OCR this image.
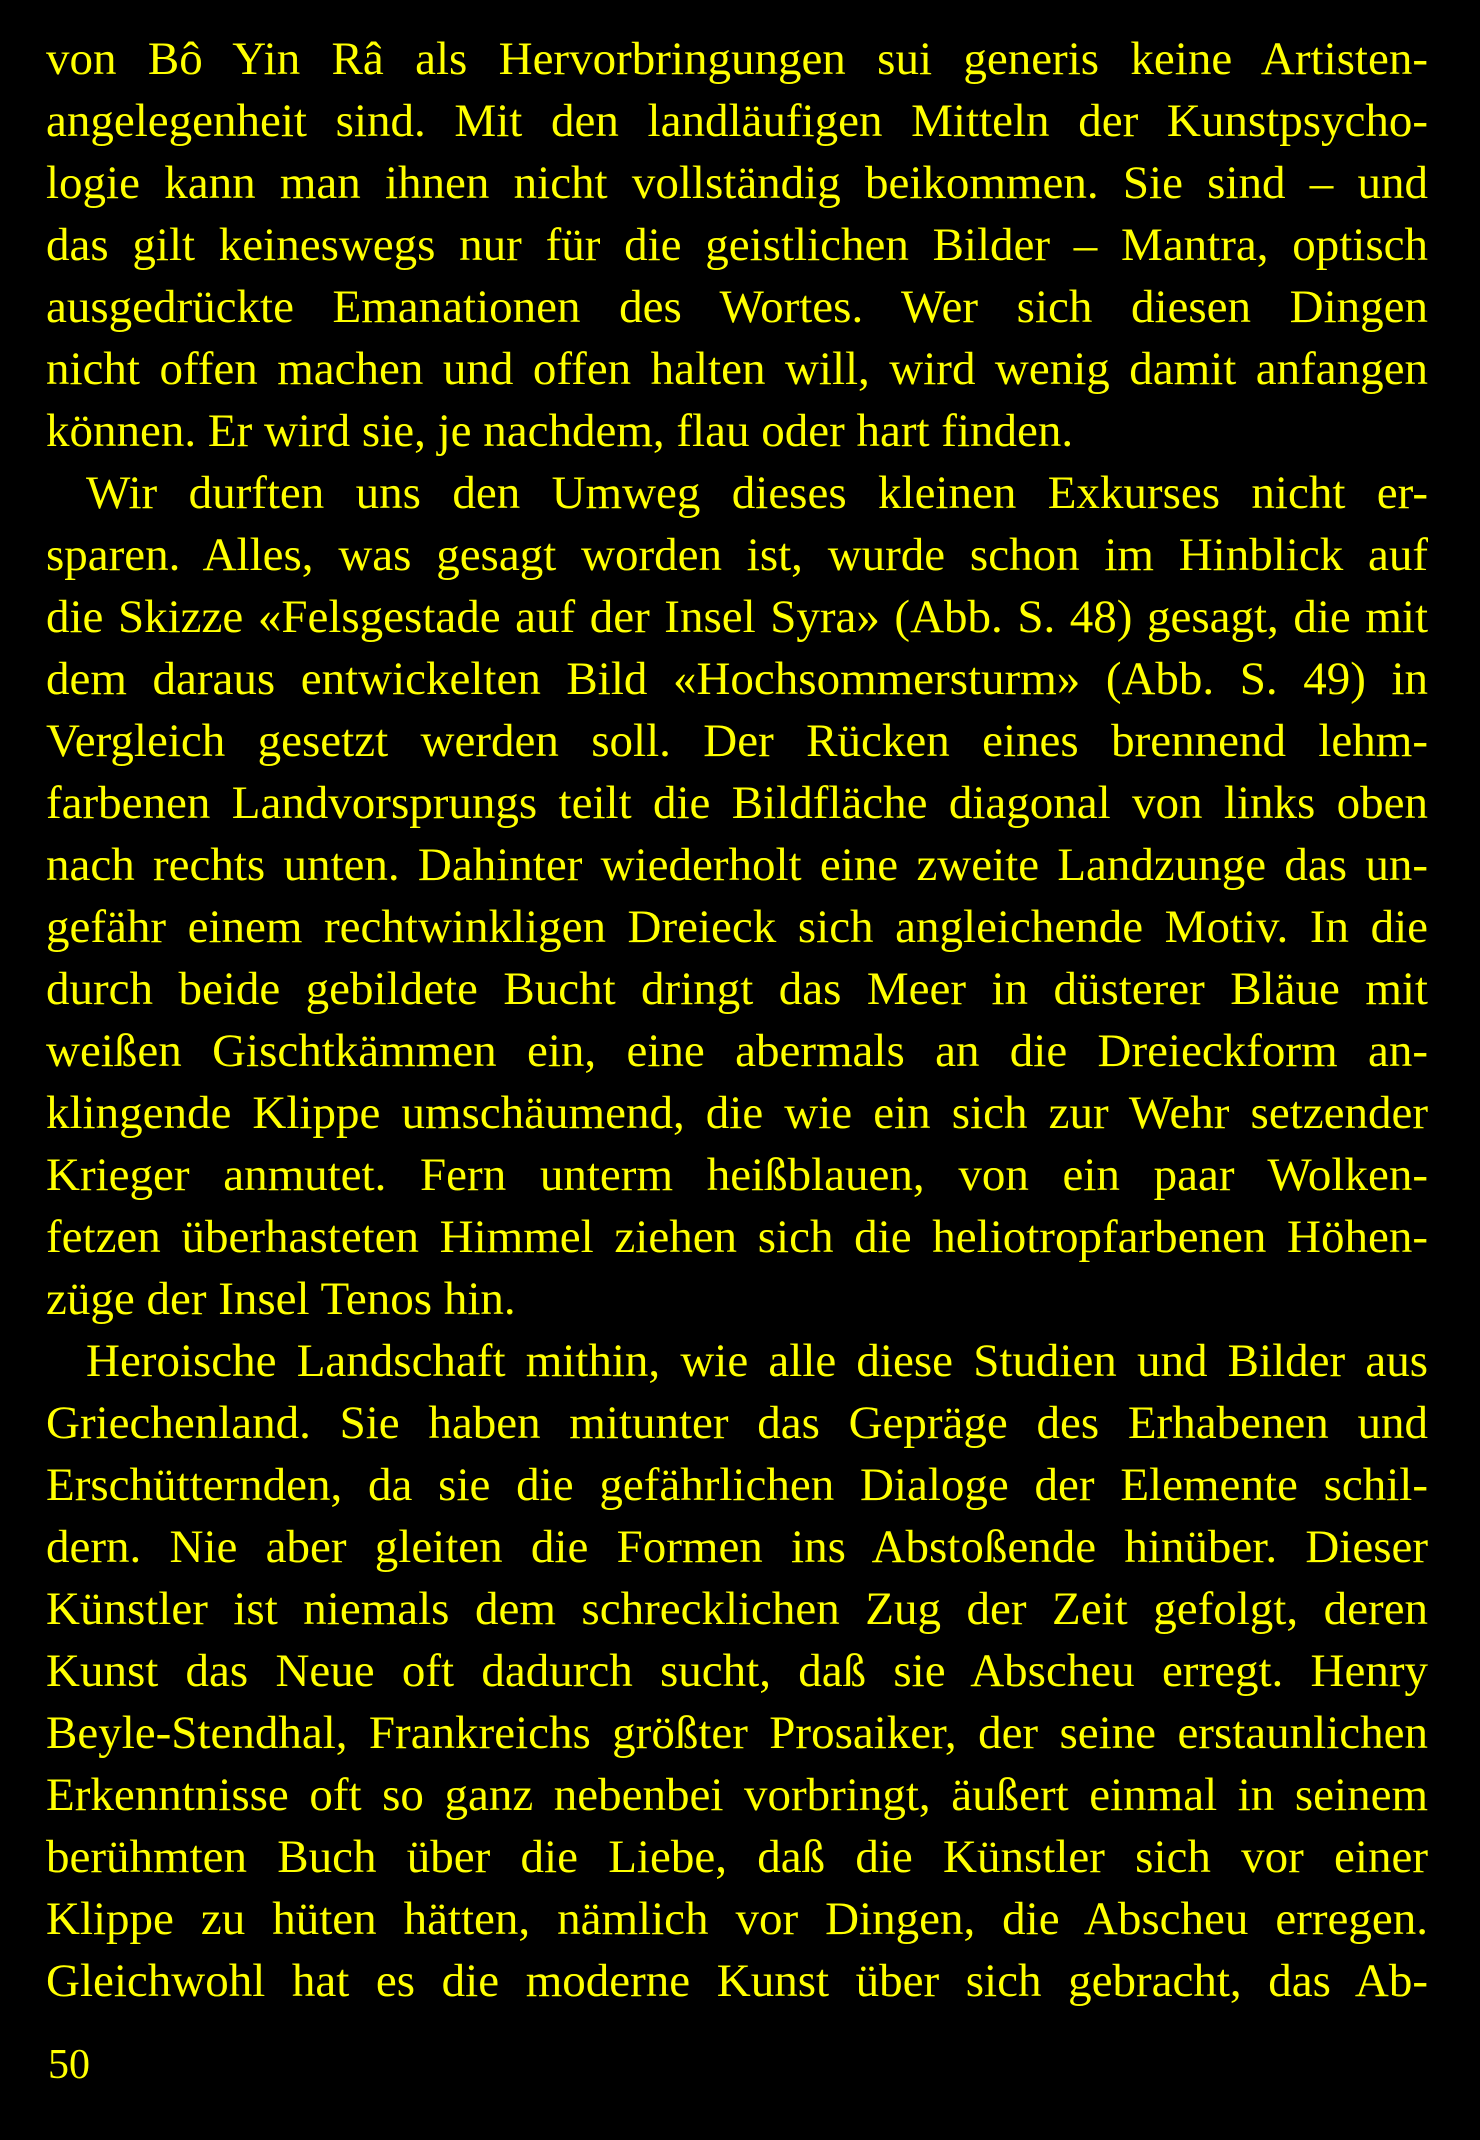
von Bô Yin Râ als Hervorbringungen sui generis keine Artisten-
angelegenheit sind. Mit den landläufigen Mitteln der Kunstpsycho-
logie kann man ihnen nicht vollständig beikommen. Sie sind – und
das gilt keineswegs nur für die geistlichen Bilder – Mantra, optisch
ausgedrückte Emanationen des Wortes. Wer sich diesen Dingen
nicht offen machen und offen halten will, wird wenig damit anfangen
können. Er wird sie, je nachdem, flau oder hart finden.
Wir durften uns den Umweg dieses kleinen Exkurses nicht er-
sparen. Alles, was gesagt worden ist, wurde schon im Hinblick auf
die Skizze «Felsgestade auf der Insel Syra» (Abb. S. 48) gesagt, die mit
dem daraus entwickelten Bild «Hochsommersturm» (Abb. S. 49) in
Vergleich gesetzt werden soll. Der Rücken eines brennend lehm-
farbenen Landvorsprungs teilt die Bildfläche diagonal von links oben
nach rechts unten. Dahinter wiederholt eine zweite Landzunge das un-
gefähr einem rechtwinkligen Dreieck sich angleichende Motiv. In die
durch beide gebildete Bucht dringt das Meer in düsterer Bläue mit
weißen Gischtkämmen ein, eine abermals an die Dreieckform an-
klingende Klippe umschäumend, die wie ein sich zur Wehr setzender
Krieger anmutet. Fern unterm heißblauen, von ein paar Wolken-
fetzen überhasteten Himmel ziehen sich die heliotropfarbenen Höhen-
züge der Insel Tenos hin.
Heroische Landschaft mithin, wie alle diese Studien und Bilder aus
Griechenland. Sie haben mitunter das Gepräge des Erhabenen und
Erschütternden, da sie die gefährlichen Dialoge der Elemente schil-
dern. Nie aber gleiten die Formen ins Abstoßende hinüber. Dieser
Künstler ist niemals dem schrecklichen Zug der Zeit gefolgt, deren
Kunst das Neue oft dadurch sucht, daß sie Abscheu erregt. Henry
Beyle-Stendhal, Frankreichs größter Prosaiker, der seine erstaunlichen
Erkenntnisse oft so ganz nebenbei vorbringt, äußert einmal in seinem
berühmten Buch über die Liebe, daß die Künstler sich vor einer
Klippe zu hüten hätten, nämlich vor Dingen, die Abscheu erregen.
Gleichwohl hat es die moderne Kunst über sich gebracht, das Ab-
50
